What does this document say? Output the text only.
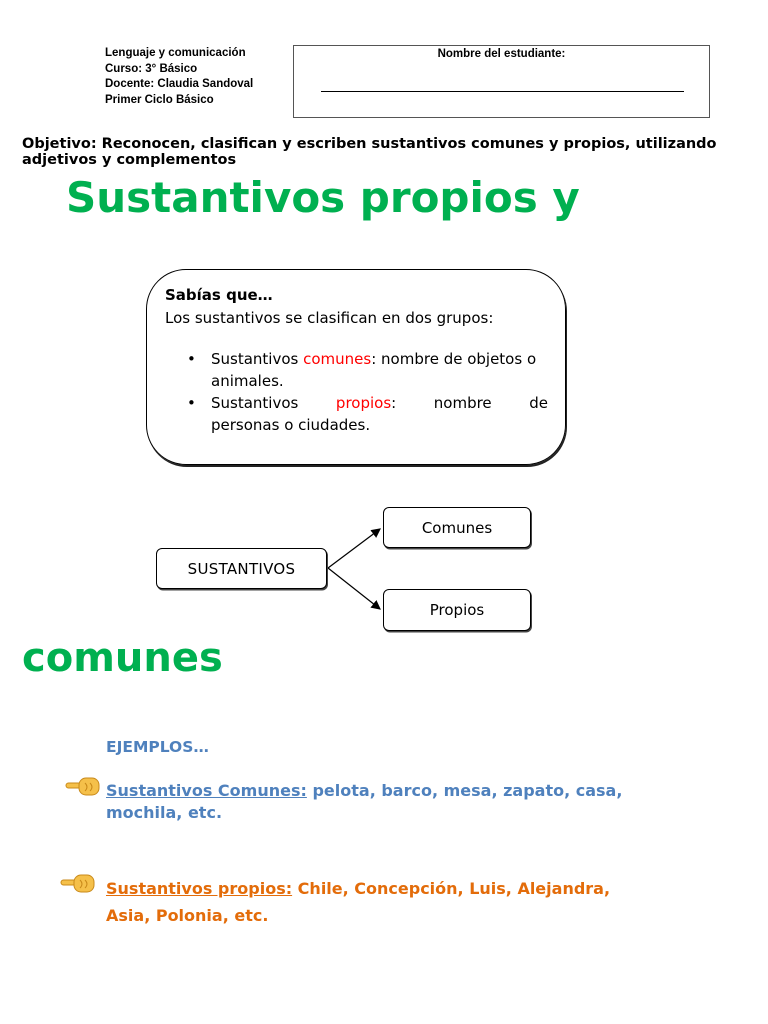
Lenguaje y comunicación
Curso: 3° Básico
Docente: Claudia Sandoval
Primer Ciclo Básico
Nombre del estudiante:
Objetivo: Reconocen, clasifican y escriben sustantivos comunes y propios, utilizando adjetivos y complementos
Sustantivos propios y
Sabías que…
Los sustantivos se clasifican en dos grupos:
• Sustantivos comunes: nombre de objetos o animales.
• Sustantivos	propios:	nombre	de
personas o ciudades.
SUSTANTIVOS
Comunes
Propios
comunes
EJEMPLOS…
Sustantivos Comunes: pelota, barco, mesa, zapato, casa, mochila, etc.
Sustantivos propios: Chile, Concepción, Luis, Alejandra, Asia, Polonia, etc.
